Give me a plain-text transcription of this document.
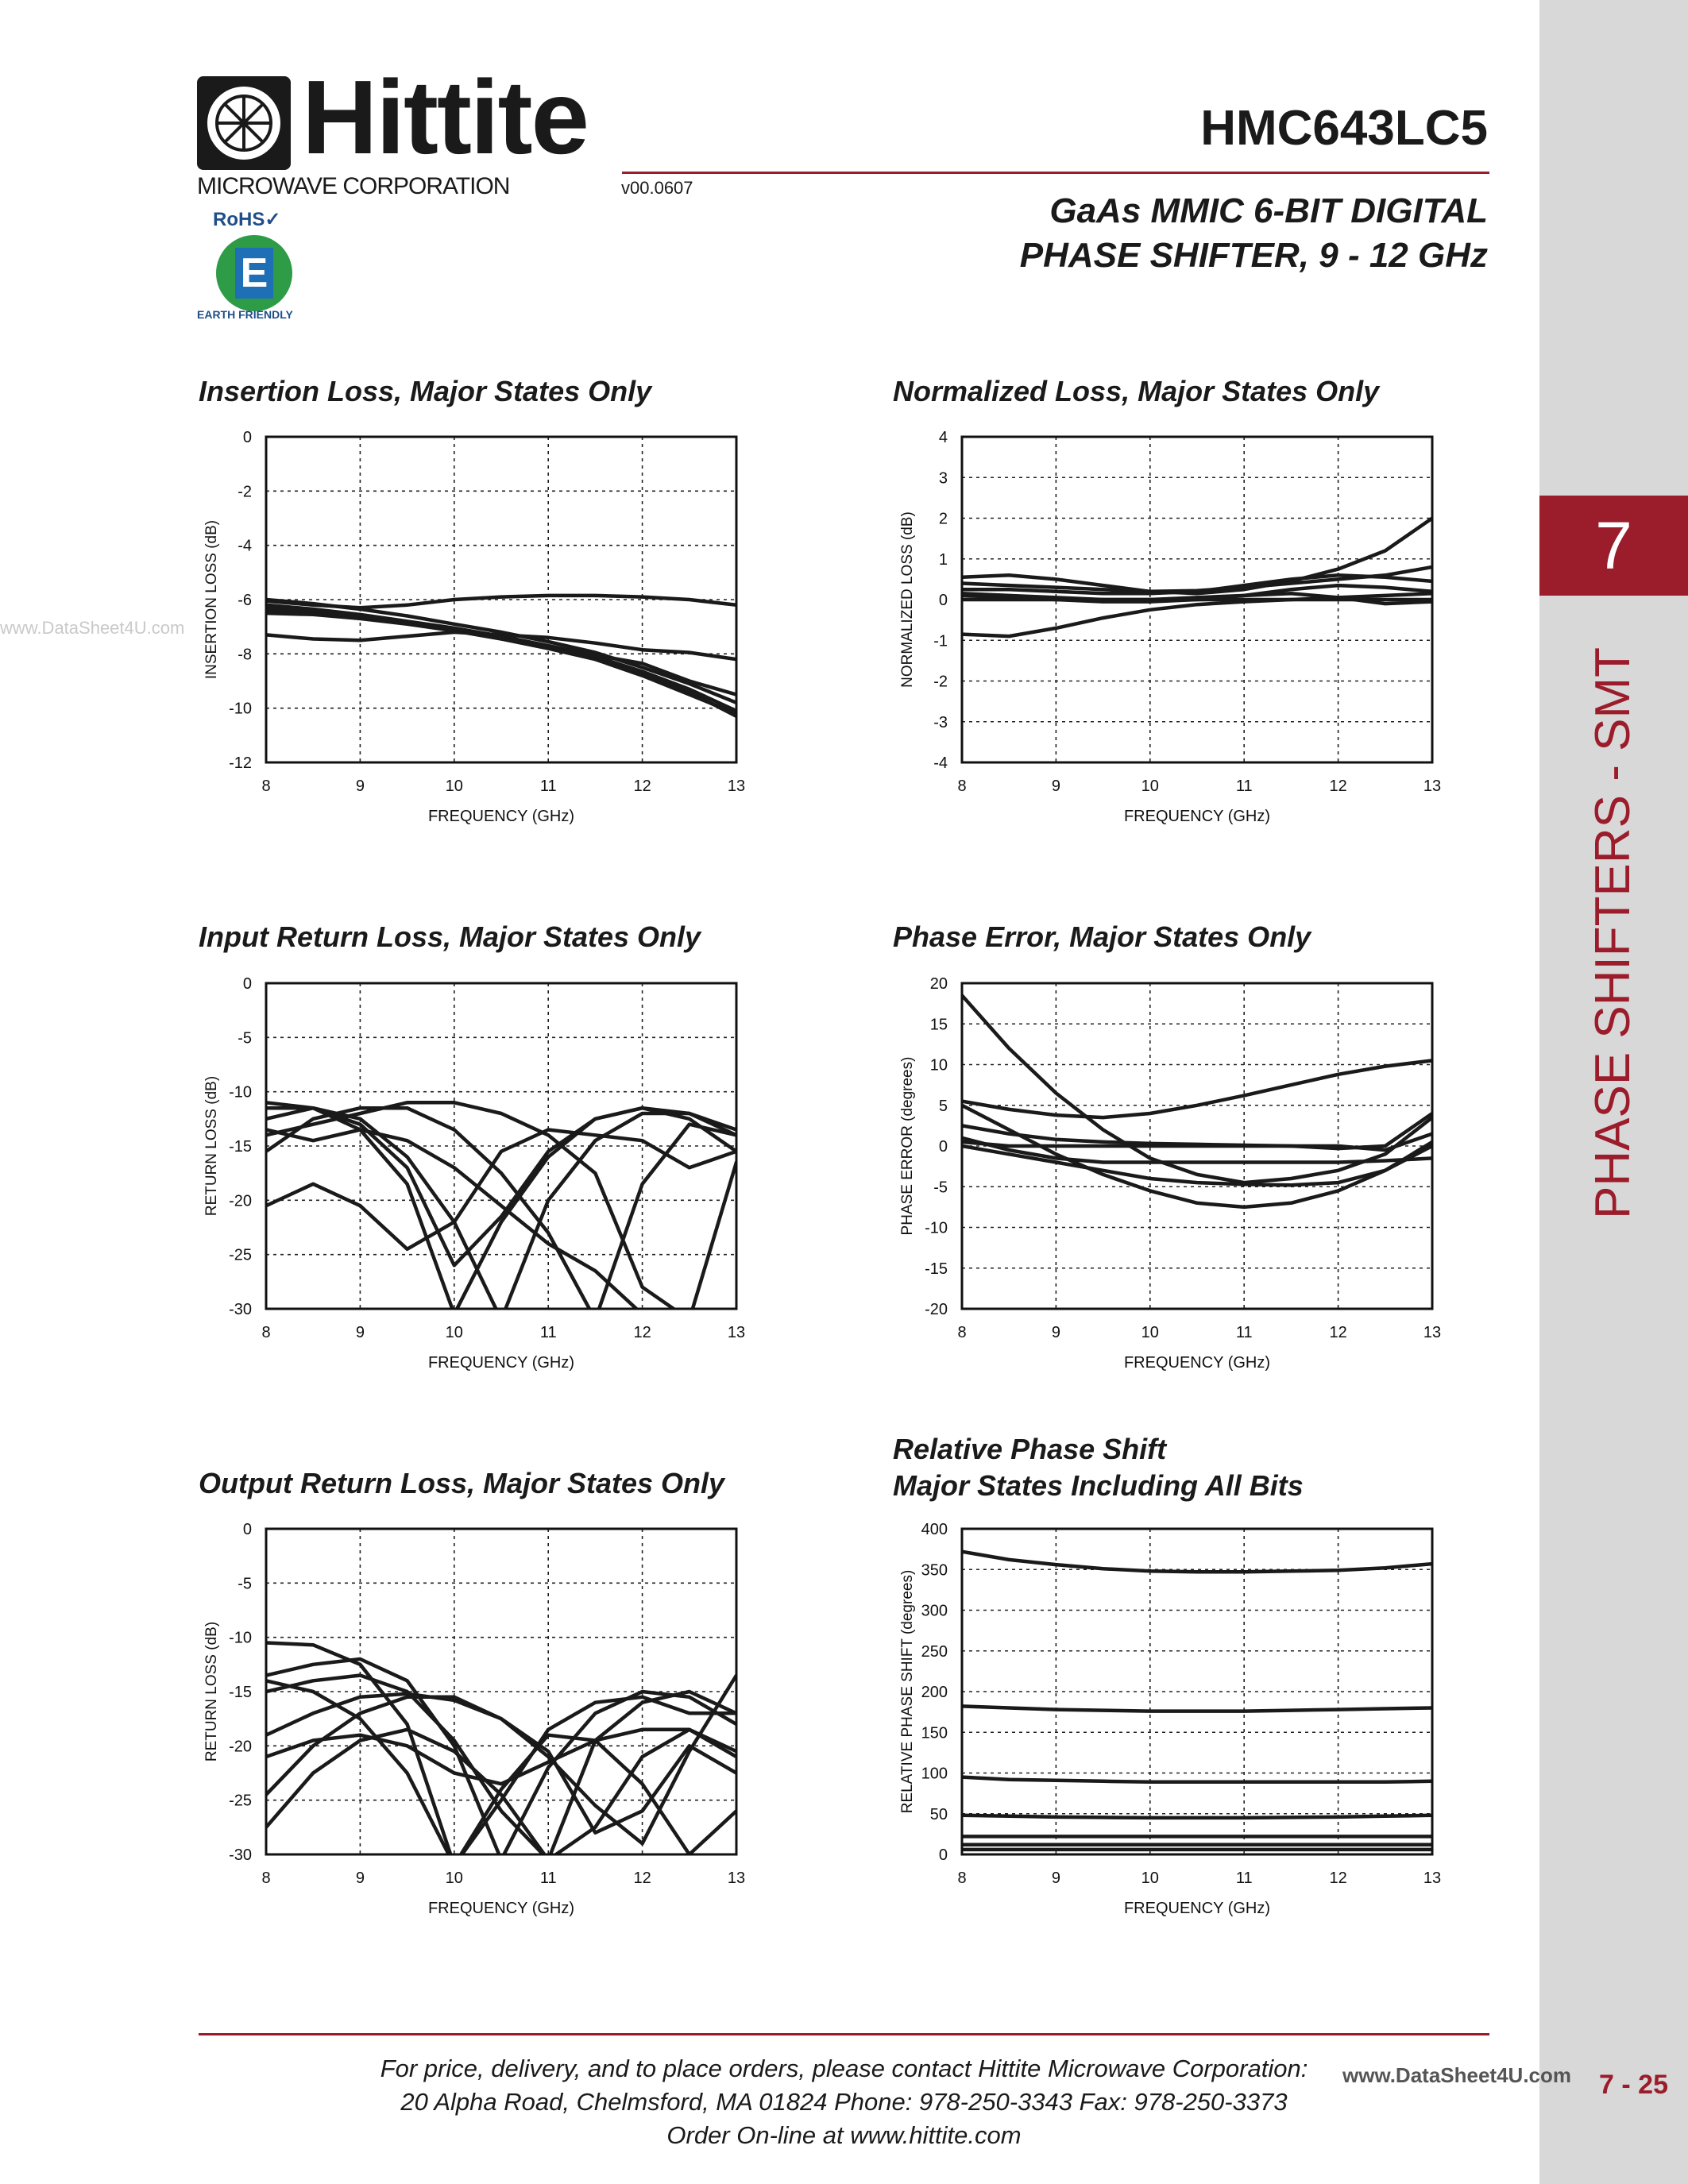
7
PHASE SHIFTERS - SMT
www.DataSheet4U.com
Hittite
MICROWAVE CORPORATION	v00.0607
RoHS✓
E
EARTH FRIENDLY
HMC643LC5
GaAs MMIC 6-BIT DIGITAL
PHASE SHIFTER, 9 - 12 GHz
Insertion Loss, Major States Only	Normalized Loss, Major States Only
Input Return Loss, Major States Only	Phase Error, Major States Only
Output Return Loss, Major States Only
Relative Phase Shift
Major States Including All Bits
0
-2
-4
-6
-8
-10
-12
8	9	10	11	12	13
FREQUENCY (GHz)
INSERTION LOSS (dB)
4
3
2
1
0
-1
-2
-3
-4
8	9	10	11	12	13
FREQUENCY (GHz)
NORMALIZED LOSS (dB)
0
-5
-10
-15
-20
-25
-30
8	9	10	11	12	13
FREQUENCY (GHz)
RETURN LOSS (dB)
20
15
10
5
0
-5
-10
-15
-20
8	9	10	11	12	13
FREQUENCY (GHz)
PHASE ERROR (degrees)
0
-5
-10
-15
-20
-25
-30
8	9	10	11	12	13
FREQUENCY (GHz)
RETURN LOSS (dB)
400
350
300
250
200
150
100
50
0
8	9	10	11	12	13
FREQUENCY (GHz)
RELATIVE PHASE SHIFT (degrees)
For price, delivery, and to place orders, please contact Hittite Microwave Corporation:
20 Alpha Road, Chelmsford, MA 01824 Phone: 978-250-3343 Fax: 978-250-3373
Order On-line at www.hittite.com
www.DataSheet4U.com	7 - 25
